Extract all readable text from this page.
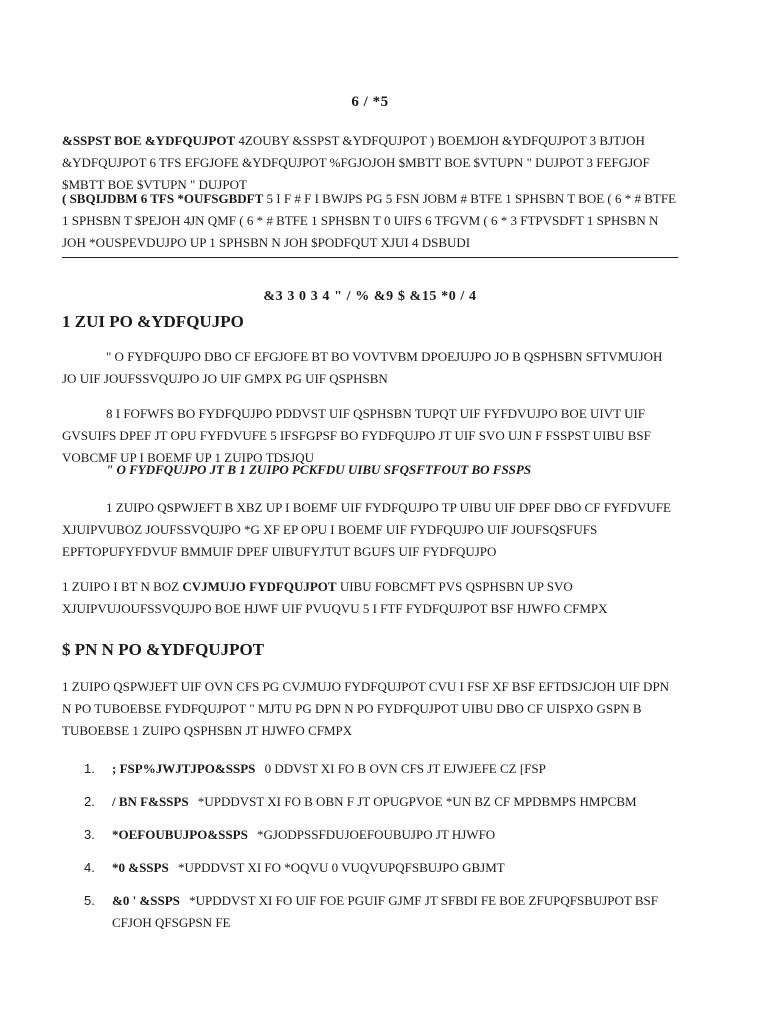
6 / *5
&SSPST BOE &YDFQUJPOT 4ZOUBY &SSPST &YDFQUJPOT ) BOEMJOH &YDFQUJPOT 3 BJTJOH &YDFQUJPOT 6 TFS EFGJOFE &YDFQUJPOT %FGJOJOH $MBTT BOE $VTUPN " DUJPOT 3 FEFGJOF $MBTT BOE $VTUPN " DUJPOT
( SBQIJDBM 6 TFS *OUFSGBDFT 5 I F # F I BWJPS PG 5 FSN JOBM # BTFE 1 SPHSBN T BOE ( 6 * # BTFE 1 SPHSBN T $PEJOH 4JN QMF ( 6 * # BTFE 1 SPHSBN T 0 UIFS 6 TFGVM ( 6 * 3 FTPVSDFT 1 SPHSBN N JOH *OUSPEVDUJPO UP 1 SPHSBN N JOH $PODFQUT XJUI 4 DSBUDI
&3 3 0 3 4 " / % &9 $ &15 *0 / 4
1 ZUI PO &YDFQUJPO

" O FYDFQUJPO DBO CF EFGJOFE BT BO VOVTVBM DPOEJUJPO JO B QSPHSBN SFTVMUJOH JO UIF JOUFSSVQUJPO JO UIF GMPX PG UIF QSPHSBN

8 I FOFWFS BO FYDFQUJPO PDDVST UIF QSPHSBN TUPQT UIF FYFDVUJPO BOE UIVT UIF GVSUIFS DPEF JT OPU FYFDVUFE 5 IFSFGPSF BO FYDFQUJPO JT UIF SVO UJN F FSSPST UIBU BSF VOBCMF UP I BOEMF UP 1 ZUIPO TDSJQU

" O FYDFQUJPO JT B 1 ZUIPO PCKFDU UIBU SFQSFTFOUT BO FSSPS

1 ZUIPO QSPWJEFT B XBZ UP I BOEMF UIF FYDFQUJPO TP UIBU UIF DPEF DBO CF FYFDVUFE XJUIPVUBOZ JOUFSSVQUJPO *G XF EP OPU I BOEMF UIF FYDFQUJPO UIF JOUFSQSFUFS EPFTOPUFYFDVUF BMMUIF DPEF UIBUFYJTUT BGUFS UIF FYDFQUJPO

1 ZUIPO I BT N BOZ CVJMUJO FYDFQUJPOT UIBU FOBCMFT PVS QSPHSBN UP SVO XJUIPVUJOUFSSVQUJPO BOE HJWF UIF PVUQVU 5 I FTF FYDFQUJPOT BSF HJWFO CFMPX

$ PN N PO &YDFQUJPOT

1 ZUIPO QSPWJEFT UIF OVN CFS PG CVJMUJO FYDFQUJPOT CVU I FSF XF BSF EFTDSJCJOH UIF DPN N PO TUBOEBSE FYDFQUJPOT " MJTU PG DPN N PO FYDFQUJPOT UIBU DBO CF UISPXO GSPN B TUBOEBSE 1 ZUIPO QSPHSBN JT HJWFO CFMPX

1.	; FSP%JWJTJPO&SSPS 0 DDVST XI FO B OVN CFS JT EJWJEFE CZ [FSP
2.	/ BN F&SSPS *UPDDVST XI FO B OBN F JT OPUGPVOE *UN BZ CF MPDBMPS HMPCBM
3.	*OEFOUBUJPO&SSPS *GJODPSSFDUJOEFOUBUJPO JT HJWFO
4.	*0 &SSPS *UPDDVST XI FO *OQVU 0 VUQVUPQFSBUJPO GBJMT
5.	&0 ' &SSPS *UPDDVST XI FO UIF FOE PGUIF GJMF JT SFBDI FE BOE ZFUPQFSBUJPOT BSF CFJOH QFSGPSN FE
